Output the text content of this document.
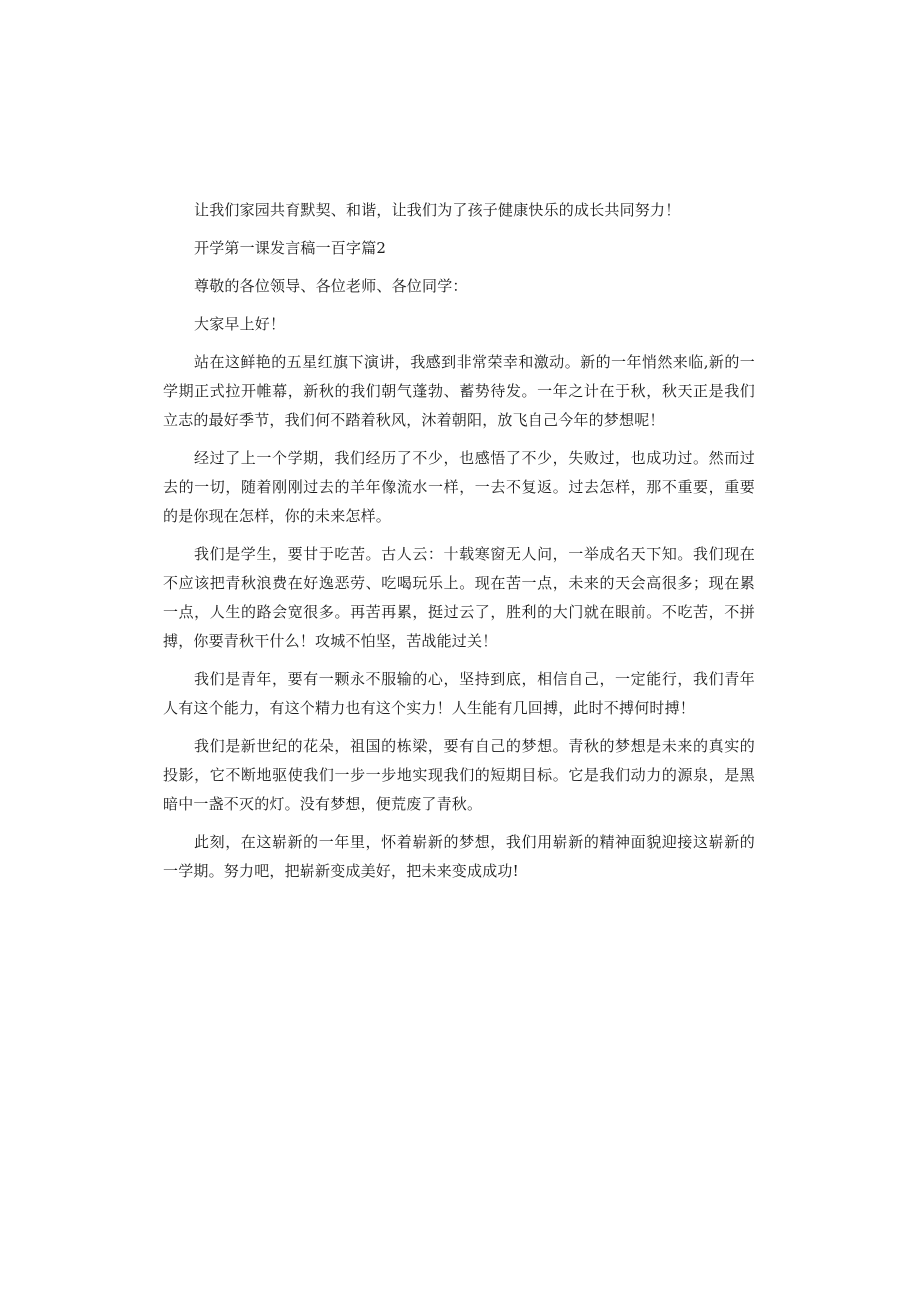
让我们家园共育默契、和谐，让我们为了孩子健康快乐的成长共同努力！

开学第一课发言稿一百字篇2

尊敬的各位领导、各位老师、各位同学：

大家早上好！

站在这鲜艳的五星红旗下演讲，我感到非常荣幸和激动。新的一年悄然来临,新的一学期正式拉开帷幕，新秋的我们朝气蓬勃、蓄势待发。一年之计在于秋，秋天正是我们立志的最好季节，我们何不踏着秋风，沐着朝阳，放飞自己今年的梦想呢！

经过了上一个学期，我们经历了不少，也感悟了不少，失败过，也成功过。然而过去的一切，随着刚刚过去的羊年像流水一样，一去不复返。过去怎样，那不重要，重要的是你现在怎样，你的未来怎样。

我们是学生，要甘于吃苦。古人云：十载寒窗无人问，一举成名天下知。我们现在不应该把青秋浪费在好逸恶劳、吃喝玩乐上。现在苦一点，未来的天会高很多；现在累一点，人生的路会宽很多。再苦再累，挺过云了，胜利的大门就在眼前。不吃苦，不拼搏，你要青秋干什么！攻城不怕坚，苦战能过关！

我们是青年，要有一颗永不服输的心，坚持到底，相信自己，一定能行，我们青年人有这个能力，有这个精力也有这个实力！人生能有几回搏，此时不搏何时搏！

我们是新世纪的花朵，祖国的栋梁，要有自己的梦想。青秋的梦想是未来的真实的投影，它不断地驱使我们一步一步地实现我们的短期目标。它是我们动力的源泉，是黑暗中一盏不灭的灯。没有梦想，便荒废了青秋。

此刻，在这崭新的一年里，怀着崭新的梦想，我们用崭新的精神面貌迎接这崭新的一学期。努力吧，把崭新变成美好，把未来变成成功!
